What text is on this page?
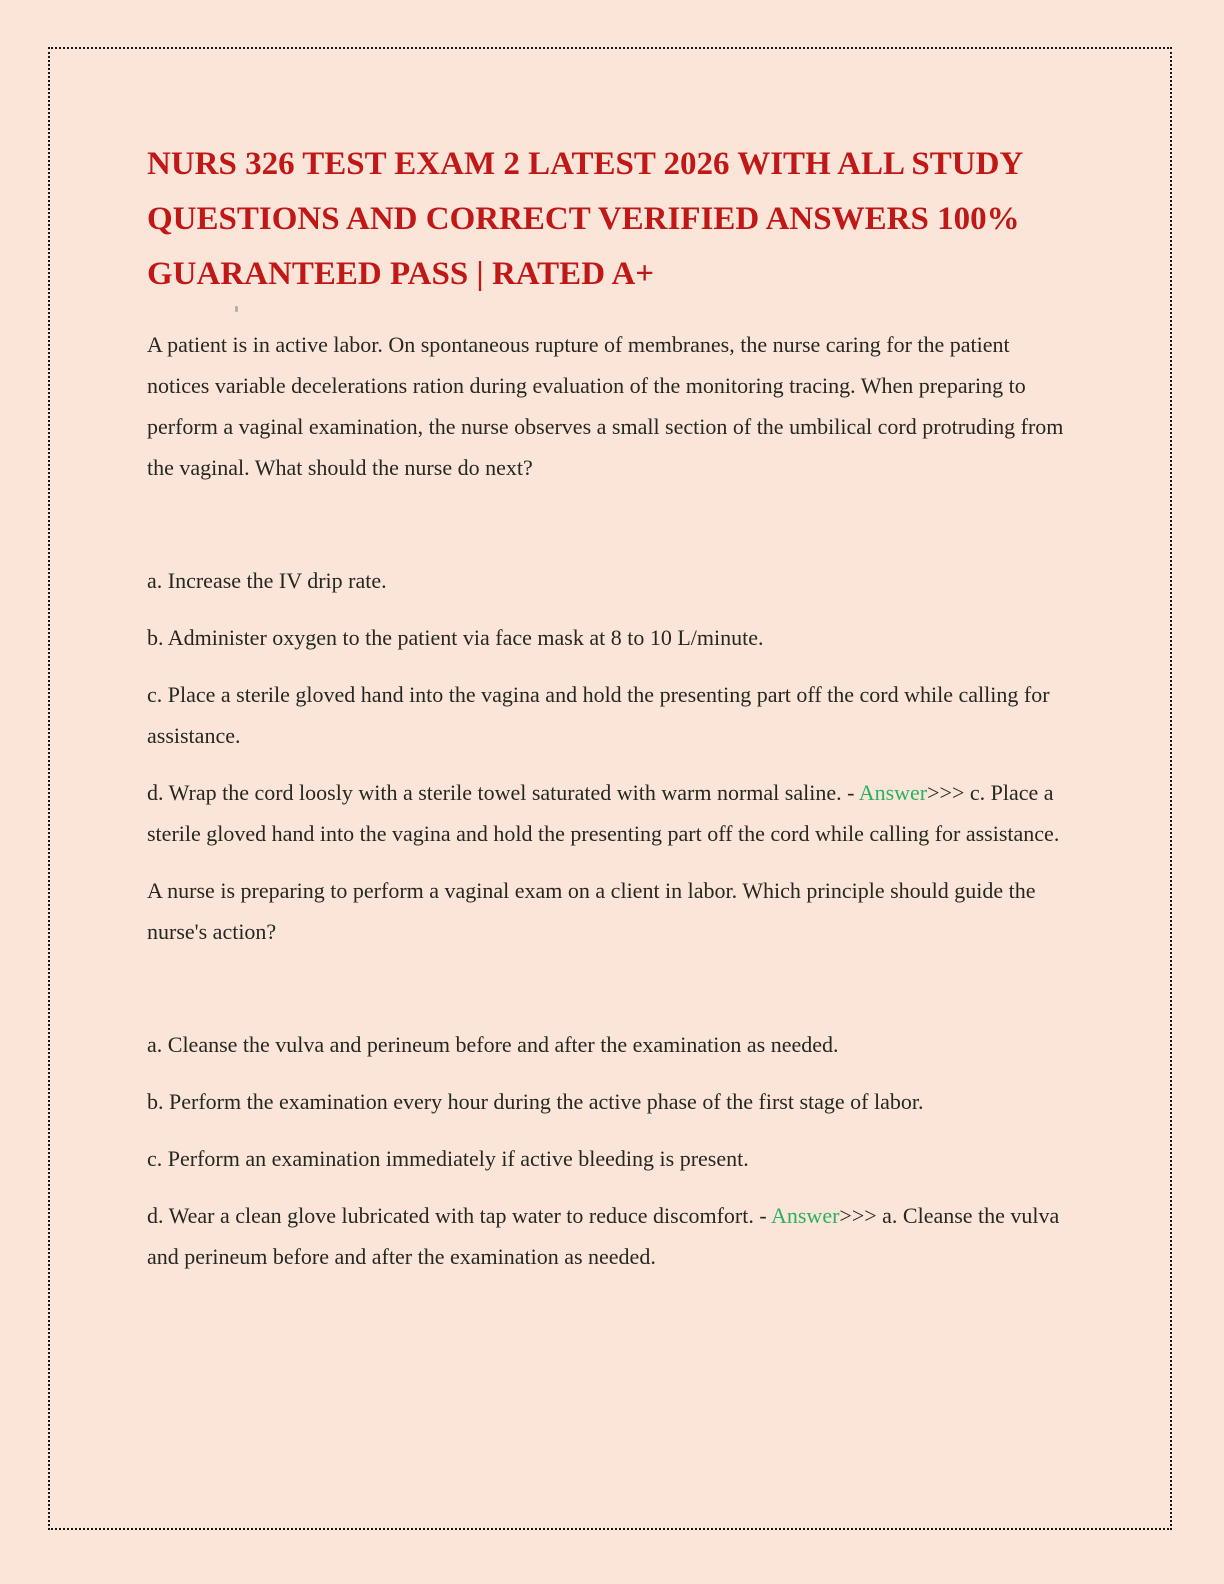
NURS 326 TEST EXAM 2 LATEST 2026 WITH ALL STUDY QUESTIONS AND CORRECT VERIFIED ANSWERS 100% GUARANTEED PASS | RATED A+

A patient is in active labor. On spontaneous rupture of membranes, the nurse caring for the patient notices variable decelerations ration during evaluation of the monitoring tracing. When preparing to perform a vaginal examination, the nurse observes a small section of the umbilical cord protruding from the vaginal. What should the nurse do next?

a. Increase the IV drip rate.

b. Administer oxygen to the patient via face mask at 8 to 10 L/minute.

c. Place a sterile gloved hand into the vagina and hold the presenting part off the cord while calling for assistance.

d. Wrap the cord loosly with a sterile towel saturated with warm normal saline. - Answer>>> c. Place a sterile gloved hand into the vagina and hold the presenting part off the cord while calling for assistance.

A nurse is preparing to perform a vaginal exam on a client in labor. Which principle should guide the nurse's action?

a. Cleanse the vulva and perineum before and after the examination as needed.

b. Perform the examination every hour during the active phase of the first stage of labor.

c. Perform an examination immediately if active bleeding is present.

d. Wear a clean glove lubricated with tap water to reduce discomfort. - Answer>>> a. Cleanse the vulva and perineum before and after the examination as needed.
